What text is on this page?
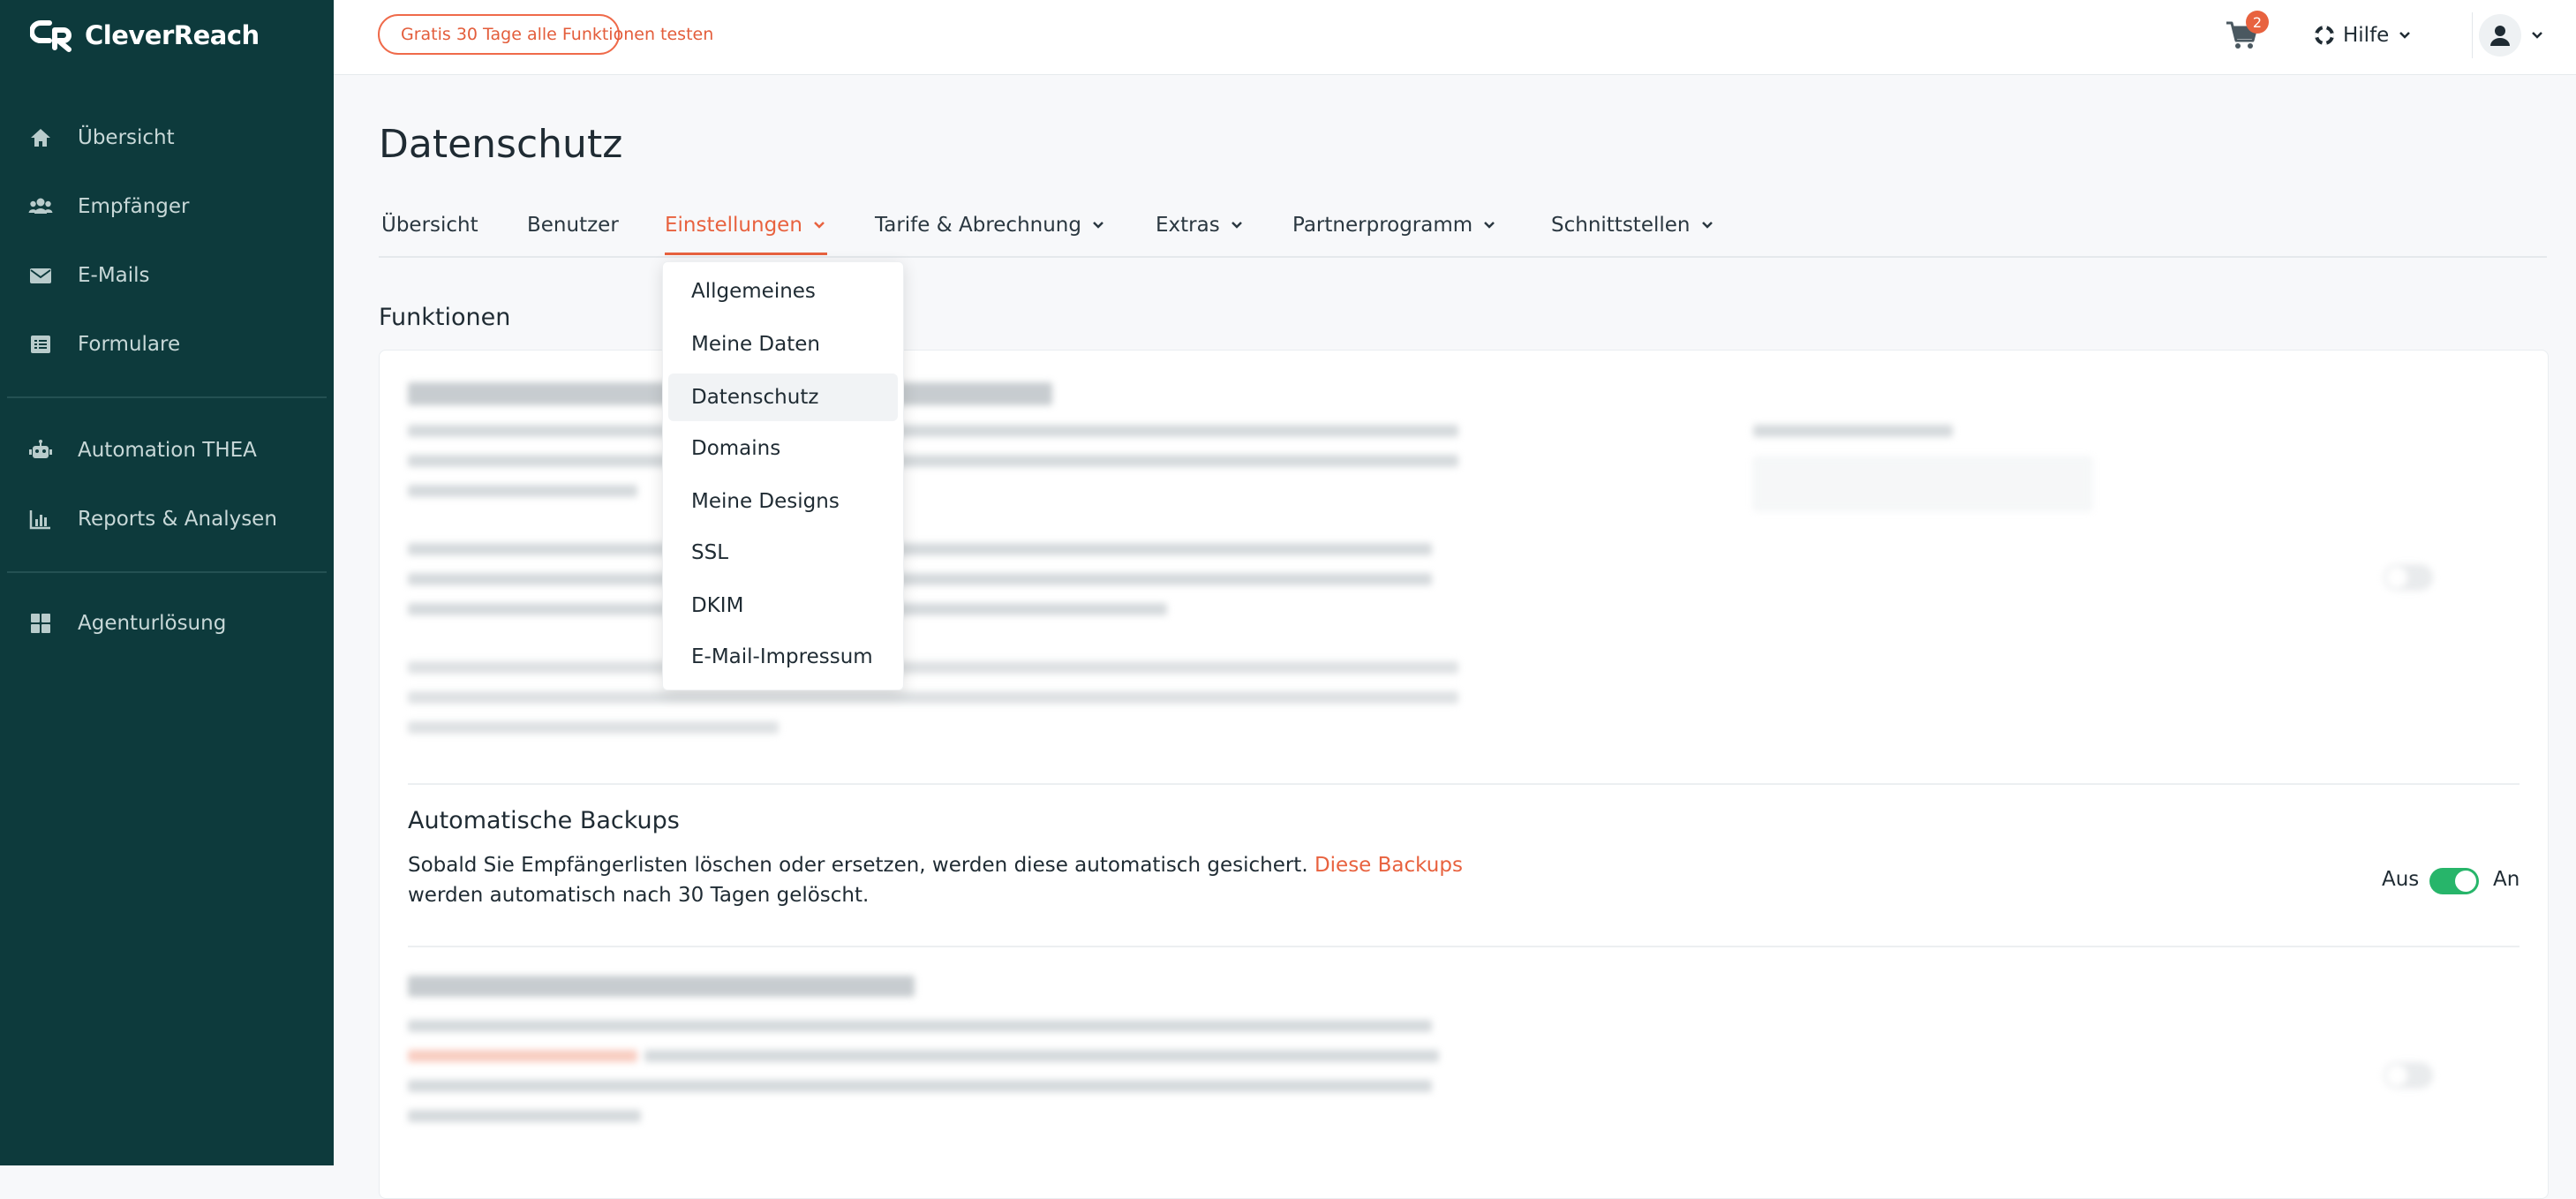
CleverReach
Übersicht
Empfänger
E-Mails
Formulare
Automation THEA
Reports & Analysen
Agenturlösung
Gratis 30 Tage alle Funktionen testen
2
Hilfe
Datenschutz
Übersicht Benutzer Einstellungen	Tarife & Abrechnung	Extras	Partnerprogramm	Schnittstellen
Funktionen
Automatische Backups
Sobald Sie Empfängerlisten löschen oder ersetzen, werden diese automatisch gesichert. Diese Backups
werden automatisch nach 30 Tagen gelöscht.
Aus	An
Allgemeines
Meine Daten
Datenschutz
Domains
Meine Designs
SSL
DKIM
E-Mail-Impressum
